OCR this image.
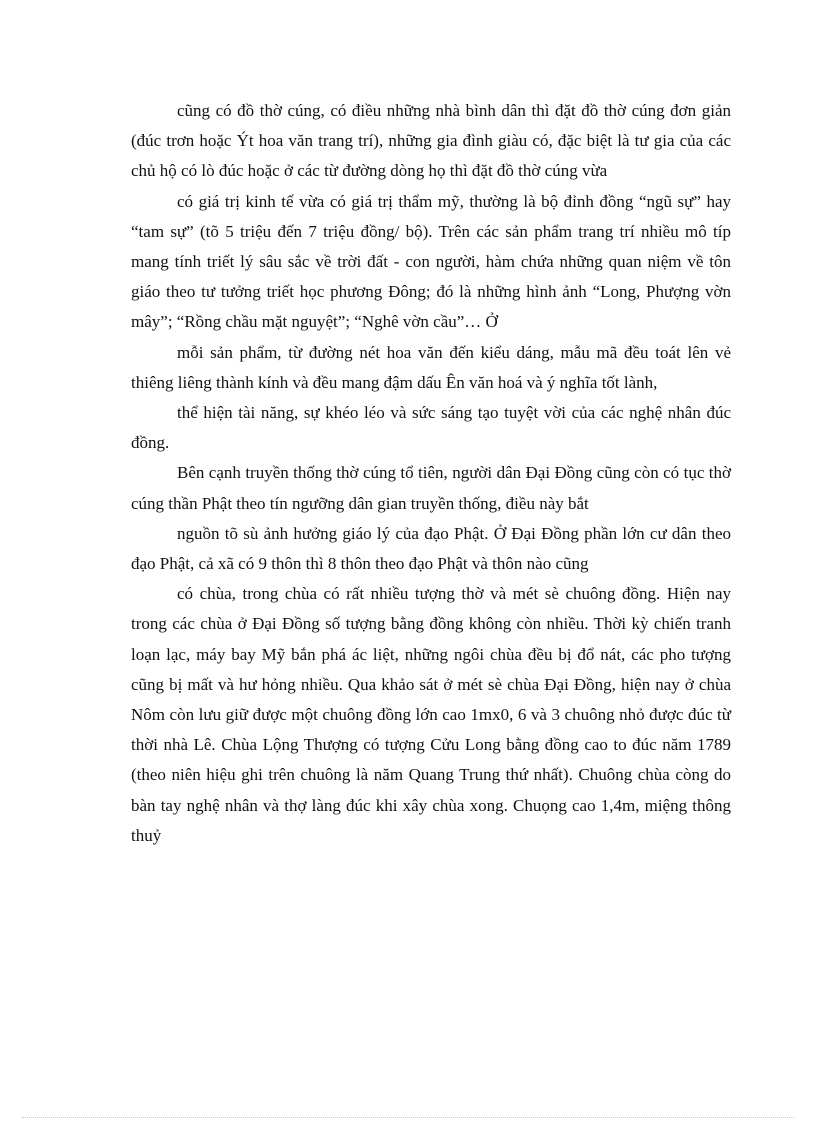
cũng có đồ thờ cúng, có điều những nhà bình dân thì đặt đồ thờ cúng đơn giản (đúc trơn hoặc Ýt hoa văn trang trí), những gia đình giàu có, đặc biệt là tư gia của các chủ hộ có lò đúc hoặc ở các từ đường dòng họ thì đặt đồ thờ cúng vừa

có giá trị kinh tế vừa có giá trị thẩm mỹ, thường là bộ đỉnh đồng “ngũ sự” hay “tam sự” (tõ 5 triệu đến 7 triệu đồng/ bộ). Trên các sản phẩm trang trí nhiều mô típ mang tính triết lý sâu sắc về trời đất - con người, hàm chứa những quan niệm về tôn giáo theo tư tưởng triết học phương Đông; đó là những hình ảnh “Long, Phượng vờn mây”; “Rồng chầu mặt nguyệt”; “Nghê vờn cầu”… Ở

mỗi sản phẩm, từ đường nét hoa văn đến kiểu dáng, mẫu mã đều toát lên vẻ thiêng liêng thành kính và đều mang đậm dấu Ên văn hoá và ý nghĩa tốt lành,

thể hiện tài năng, sự khéo léo và sức sáng tạo tuyệt vời của các nghệ nhân đúc đồng.

Bên cạnh truyền thống thờ cúng tổ tiên, người dân Đại Đồng cũng còn có tục thờ cúng thần Phật theo tín ngưỡng dân gian truyền thống, điều này bắt

nguồn tõ sù ảnh hưởng giáo lý của đạo Phật. Ở Đại Đồng phần lớn cư dân theo đạo Phật, cả xã có 9 thôn thì 8 thôn theo đạo Phật và thôn nào cũng

có chùa, trong chùa có rất nhiều tượng thờ và mét sè chuông đồng. Hiện nay trong các chùa ở Đại Đồng số tượng bằng đồng không còn nhiều. Thời kỳ chiến tranh loạn lạc, máy bay Mỹ bắn phá ác liệt, những ngôi chùa đều bị đổ nát, các pho tượng cũng bị mất và hư hỏng nhiều. Qua khảo sát ở mét sè chùa Đại Đồng, hiện nay ở chùa Nôm còn lưu giữ được một chuông đồng lớn cao 1mx0, 6 và 3 chuông nhỏ được đúc từ thời nhà Lê. Chùa Lộng Thượng có tượng Cửu Long bằng đồng cao to đúc năm 1789 (theo niên hiệu ghi trên chuông là năm Quang Trung thứ nhất). Chuông chùa còng do bàn tay nghệ nhân và thợ làng đúc khi xây chùa xong. Chuọng cao 1,4m, miệng thông thuỷ
